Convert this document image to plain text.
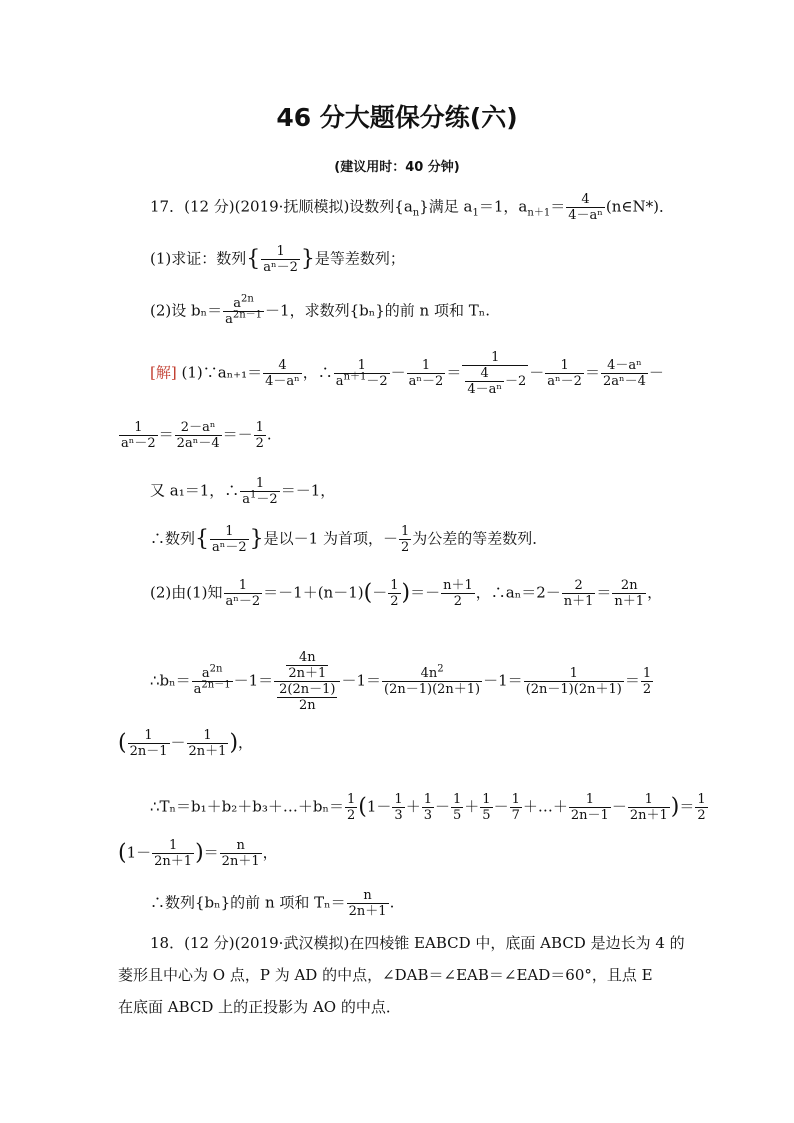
46 分大题保分练(六)
(建议用时：40 分钟)
17．(12 分)(2019·抚顺模拟)设数列$\{a_n\}$满足 $a_1=1$，$a_{n+1}= \frac{4}{\text{4－aⁿ}}$ (n∈N*)．
(1)求证：数列{ $\frac{1}{\text{aⁿ－2}}$ }是等差数列；
(2)设 $b_n= \frac{a^{2n}}{a^{2n-1}} -1$，求数列{bₙ}的前 n 项和 Tₙ.
[解] (1)∵aₙ₊₁＝ $\frac{4}{\text{4－aⁿ}}$ ，∴ $\frac{1}{a^{n+1}-2} - \frac{1}{\text{aⁿ－2}} = \frac{1}{\frac{4}{\text{4－aⁿ}} -2} - \frac{1}{\text{aⁿ－2}} = \frac{\text{4－aⁿ}}{\text{2aⁿ－4}}$ －
$\frac{1}{\text{aⁿ－2}} = \frac{\text{2－aⁿ}}{\text{2aⁿ－4}} =- \frac{1}{2}$ .
又 a₁＝1，∴ $\frac{1}{a^1-2} =-1$，
∴数列{ $\frac{1}{\text{aⁿ－2}}$ }是以－1 为首项，－ $\frac{1}{2}$ 为公差的等差数列．
(2)由(1)知 $\frac{1}{\text{aⁿ－2}} =-1+(n-1)(- \frac{1}{2}$ )＝－ $\frac{n+1}{2}$ ，∴aₙ＝2－ $\frac{2}{n+1} = \frac{2n}{n+1}$ ，
∴bₙ＝ $\frac{a^{2n}}{a^{2n-1}} -1= \frac{\frac{4n}{2n+1}}{\frac{2(2n-1)}{2n}} -1= \frac{4n^2}{(2n-1)(2n+1)} -1= \frac{1}{(2n-1)(2n+1)} = \frac{1}{2}$
( $\frac{1}{2n-1} - \frac{1}{2n+1}$ )，
∴Tₙ＝b₁＋b₂＋b₃＋…＋bₙ＝ $\frac{1}{2} (1- \frac{1}{3} + \frac{1}{3} - \frac{1}{5} + \frac{1}{5} - \frac{1}{7}$ ＋…＋ $\frac{1}{2n-1} - \frac{1}{2n+1}$ )＝ $\frac{1}{2}$
($1- \frac{1}{2n+1}$ )＝ $\frac{n}{2n+1}$ ，
∴数列{bₙ}的前 n 项和 $T_n= \frac{n}{2n+1}$ .
18．(12 分)(2019·武汉模拟)在四棱锥 EABCD 中，底面 ABCD 是边长为 4 的
菱形且中心为 O 点，P 为 AD 的中点，∠DAB＝∠EAB＝∠EAD＝60°，且点 E
在底面 ABCD 上的正投影为 AO 的中点．
